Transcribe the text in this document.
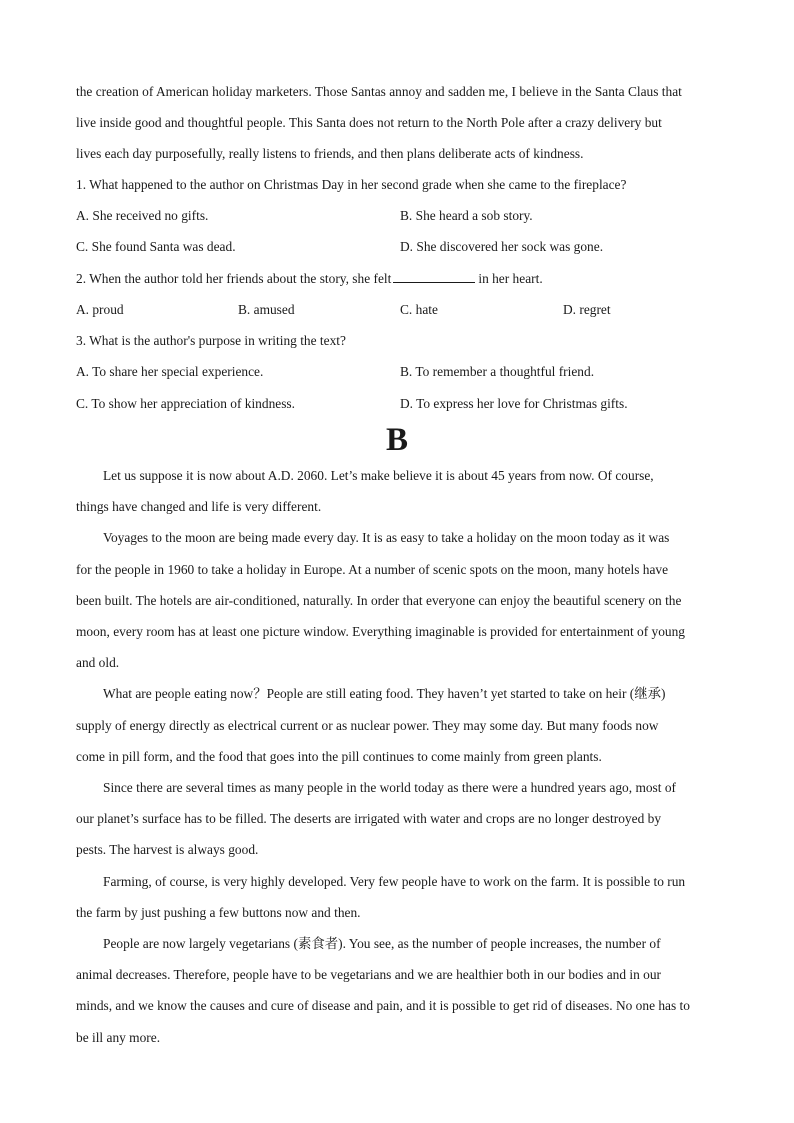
the creation of American holiday marketers. Those Santas annoy and sadden me, I believe in the Santa Claus that
live inside good and thoughtful people. This Santa does not return to the North Pole after a crazy delivery but
lives each day purposefully, really listens to friends, and then plans deliberate acts of kindness.
1. What happened to the author on Christmas Day in her second grade when she came to the fireplace?
A. She received no gifts.	B. She heard a sob story.
C. She found Santa was dead.	D. She discovered her sock was gone.
2. When the author told her friends about the story, she felt	in her heart.
A. proud	B. amused	C. hate	D. regret
3. What is the author's purpose in writing the text?
A. To share her special experience.	B. To remember a thoughtful friend.
C. To show her appreciation of kindness.	D. To express her love for Christmas gifts.
B
Let us suppose it is now about A.D. 2060. Let’s make believe it is about 45 years from now. Of course,
things have changed and life is very different.
Voyages to the moon are being made every day. It is as easy to take a holiday on the moon today as it was
for the people in 1960 to take a holiday in Europe. At a number of scenic spots on the moon, many hotels have
been built. The hotels are air-conditioned, naturally. In order that everyone can enjoy the beautiful scenery on the
moon, every room has at least one picture window. Everything imaginable is provided for entertainment of young
and old.
What are people eating now？People are still eating food. They haven’t yet started to take on heir (继承)
supply of energy directly as electrical current or as nuclear power. They may some day. But many foods now
come in pill form, and the food that goes into the pill continues to come mainly from green plants.
Since there are several times as many people in the world today as there were a hundred years ago, most of
our planet’s surface has to be filled. The deserts are irrigated with water and crops are no longer destroyed by
pests. The harvest is always good.
Farming, of course, is very highly developed. Very few people have to work on the farm. It is possible to run
the farm by just pushing a few buttons now and then.
People are now largely vegetarians (素食者). You see, as the number of people increases, the number of
animal decreases. Therefore, people have to be vegetarians and we are healthier both in our bodies and in our
minds, and we know the causes and cure of disease and pain, and it is possible to get rid of diseases. No one has to
be ill any more.
